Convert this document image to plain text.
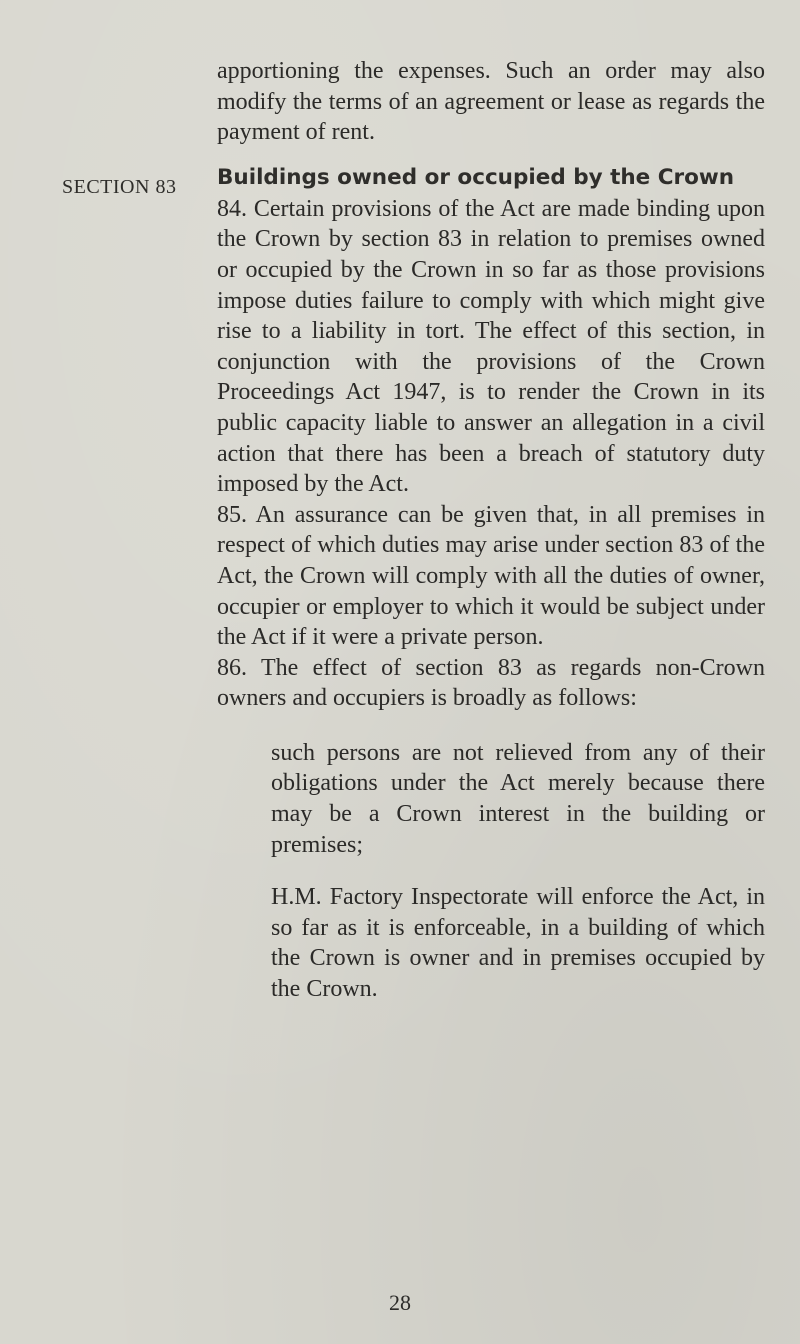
SECTION 83

apportioning the expenses. Such an order may also modify the terms of an agreement or lease as regards the payment of rent.

Buildings owned or occupied by the Crown

84. Certain provisions of the Act are made binding upon the Crown by section 83 in relation to premises owned or occupied by the Crown in so far as those provisions impose duties failure to comply with which might give rise to a liability in tort. The effect of this section, in conjunction with the provisions of the Crown Proceedings Act 1947, is to render the Crown in its public capacity liable to answer an allegation in a civil action that there has been a breach of statutory duty imposed by the Act.

85. An assurance can be given that, in all premises in respect of which duties may arise under section 83 of the Act, the Crown will comply with all the duties of owner, occupier or employer to which it would be subject under the Act if it were a private person.

86. The effect of section 83 as regards non-Crown owners and occupiers is broadly as follows:

such persons are not relieved from any of their obligations under the Act merely because there may be a Crown interest in the building or premises;
H.M. Factory Inspectorate will enforce the Act, in so far as it is enforceable, in a building of which the Crown is owner and in premises occupied by the Crown.
28
